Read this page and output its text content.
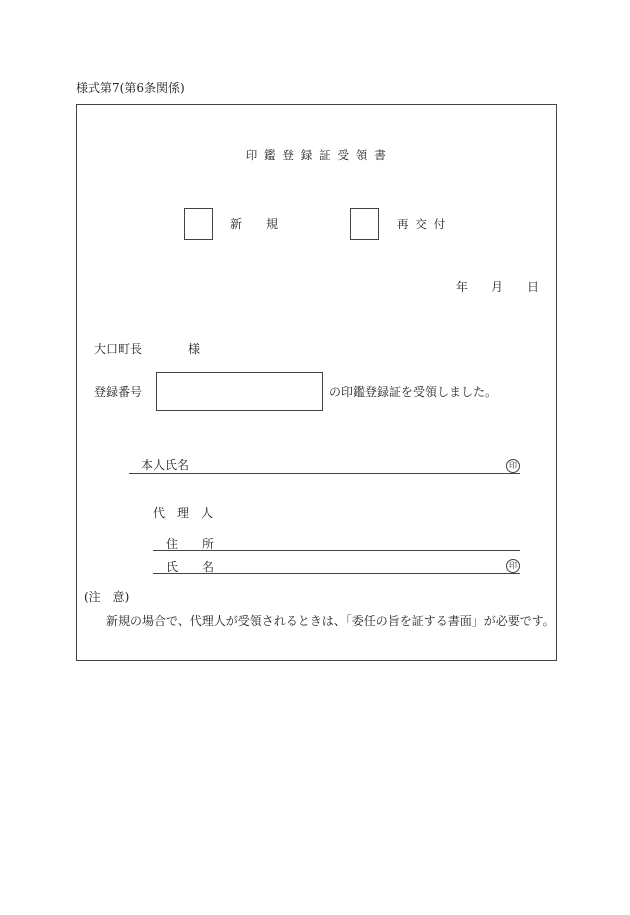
様式第7(第6条関係)
印 鑑 登 録 証 受 領 書
新　　規	再 交 付
年 月 日
大口町長	様
登録番号	の印鑑登録証を受領しました。
本人氏名	印
代　理　人
住　　所
氏　　名	印
(注　意)
新規の場合で、代理人が受領されるときは、「委任の旨を証する書面」が必要です。
